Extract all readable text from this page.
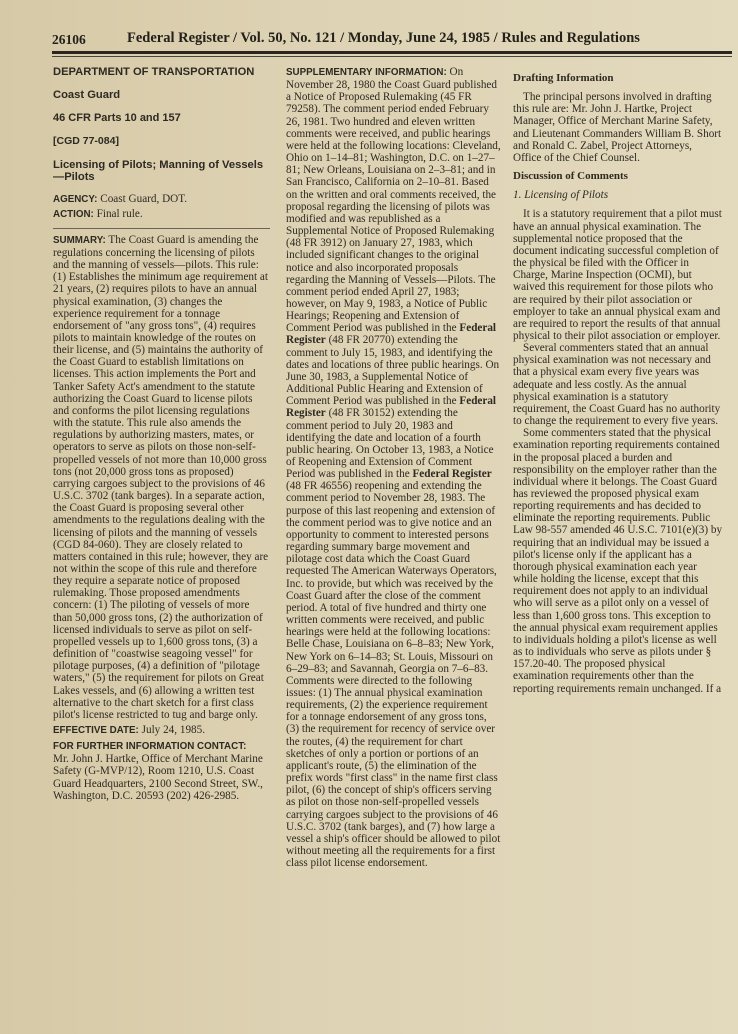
26106	Federal Register / Vol. 50, No. 121 / Monday, June 24, 1985 / Rules and Regulations

DEPARTMENT OF TRANSPORTATION

Coast Guard

46 CFR Parts 10 and 157

[CGD 77-084]

Licensing of Pilots; Manning of Vessels—Pilots

AGENCY: Coast Guard, DOT.

ACTION: Final rule.

SUMMARY: The Coast Guard is amending the regulations concerning the licensing of pilots and the manning of vessels—pilots. This rule: (1) Establishes the minimum age requirement at 21 years, (2) requires pilots to have an annual physical examination, (3) changes the experience requirement for a tonnage endorsement of "any gross tons", (4) requires pilots to maintain knowledge of the routes on their license, and (5) maintains the authority of the Coast Guard to establish limitations on licenses. This action implements the Port and Tanker Safety Act's amendment to the statute authorizing the Coast Guard to license pilots and conforms the pilot licensing regulations with the statute. This rule also amends the regulations by authorizing masters, mates, or operators to serve as pilots on those non-self-propelled vessels of not more than 10,000 gross tons (not 20,000 gross tons as proposed) carrying cargoes subject to the provisions of 46 U.S.C. 3702 (tank barges). In a separate action, the Coast Guard is proposing several other amendments to the regulations dealing with the licensing of pilots and the manning of vessels (CGD 84-060). They are closely related to matters contained in this rule; however, they are not within the scope of this rule and therefore they require a separate notice of proposed rulemaking. Those proposed amendments concern: (1) The piloting of vessels of more than 50,000 gross tons, (2) the authorization of licensed individuals to serve as pilot on self-propelled vessels up to 1,600 gross tons, (3) a definition of "coastwise seagoing vessel" for pilotage purposes, (4) a definition of "pilotage waters," (5) the requirement for pilots on Great Lakes vessels, and (6) allowing a written test alternative to the chart sketch for a first class pilot's license restricted to tug and barge only.

EFFECTIVE DATE: July 24, 1985.

FOR FURTHER INFORMATION CONTACT:

Mr. John J. Hartke, Office of Merchant Marine Safety (G-MVP/12), Room 1210, U.S. Coast Guard Headquarters, 2100 Second Street, SW., Washington, D.C. 20593 (202) 426-2985.

SUPPLEMENTARY INFORMATION: On November 28, 1980 the Coast Guard published a Notice of Proposed Rulemaking (45 FR 79258). The comment period ended February 26, 1981. Two hundred and eleven written comments were received, and public hearings were held at the following locations: Cleveland, Ohio on 1–14–81; Washington, D.C. on 1–27–81; New Orleans, Louisiana on 2–3–81; and in San Francisco, California on 2–10–81. Based on the written and oral comments received, the proposal regarding the licensing of pilots was modified and was republished as a Supplemental Notice of Proposed Rulemaking (48 FR 3912) on January 27, 1983, which included significant changes to the original notice and also incorporated proposals regarding the Manning of Vessels—Pilots. The comment period ended April 27, 1983; however, on May 9, 1983, a Notice of Public Hearings; Reopening and Extension of Comment Period was published in the Federal Register (48 FR 20770) extending the comment to July 15, 1983, and identifying the dates and locations of three public hearings. On June 30, 1983, a Supplemental Notice of Additional Public Hearing and Extension of Comment Period was published in the Federal Register (48 FR 30152) extending the comment period to July 20, 1983 and identifying the date and location of a fourth public hearing. On October 13, 1983, a Notice of Reopening and Extension of Comment Period was published in the Federal Register (48 FR 46556) reopening and extending the comment period to November 28, 1983. The purpose of this last reopening and extension of the comment period was to give notice and an opportunity to comment to interested persons regarding summary barge movement and pilotage cost data which the Coast Guard requested The American Waterways Operators, Inc. to provide, but which was received by the Coast Guard after the close of the comment period. A total of five hundred and thirty one written comments were received, and public hearings were held at the following locations: Belle Chase, Louisiana on 6–8–83; New York, New York on 6–14–83; St. Louis, Missouri on 6–29–83; and Savannah, Georgia on 7–6–83. Comments were directed to the following issues: (1) The annual physical examination requirements, (2) the experience requirement for a tonnage endorsement of any gross tons, (3) the requirement for recency of service over the routes, (4) the requirement for chart sketches of only a portion or portions of an applicant's route, (5) the elimination of the prefix words "first class" in the name first class pilot, (6) the concept of ship's officers serving as pilot on those non-self-propelled vessels carrying cargoes subject to the provisions of 46 U.S.C. 3702 (tank barges), and (7) how large a vessel a ship's officer should be allowed to pilot without meeting all the requirements for a first class pilot license endorsement.

Drafting Information

The principal persons involved in drafting this rule are: Mr. John J. Hartke, Project Manager, Office of Merchant Marine Safety, and Lieutenant Commanders William B. Short and Ronald C. Zabel, Project Attorneys, Office of the Chief Counsel.

Discussion of Comments

1. Licensing of Pilots

It is a statutory requirement that a pilot must have an annual physical examination. The supplemental notice proposed that the document indicating successful completion of the physical be filed with the Officer in Charge, Marine Inspection (OCMI), but waived this requirement for those pilots who are required by their pilot association or employer to take an annual physical exam and are required to report the results of that annual physical to their pilot association or employer.

Several commenters stated that an annual physical examination was not necessary and that a physical exam every five years was adequate and less costly. As the annual physical examination is a statutory requirement, the Coast Guard has no authority to change the requirement to every five years.

Some commenters stated that the physical examination reporting requirements contained in the proposal placed a burden and responsibility on the employer rather than the individual where it belongs. The Coast Guard has reviewed the proposed physical exam reporting requirements and has decided to eliminate the reporting requirements. Public Law 98-557 amended 46 U.S.C. 7101(e)(3) by requiring that an individual may be issued a pilot's license only if the applicant has a thorough physical examination each year while holding the license, except that this requirement does not apply to an individual who will serve as a pilot only on a vessel of less than 1,600 gross tons. This exception to the annual physical exam requirement applies to individuals holding a pilot's license as well as to individuals who serve as pilots under § 157.20-40. The proposed physical examination requirements other than the reporting requirements remain unchanged. If a
